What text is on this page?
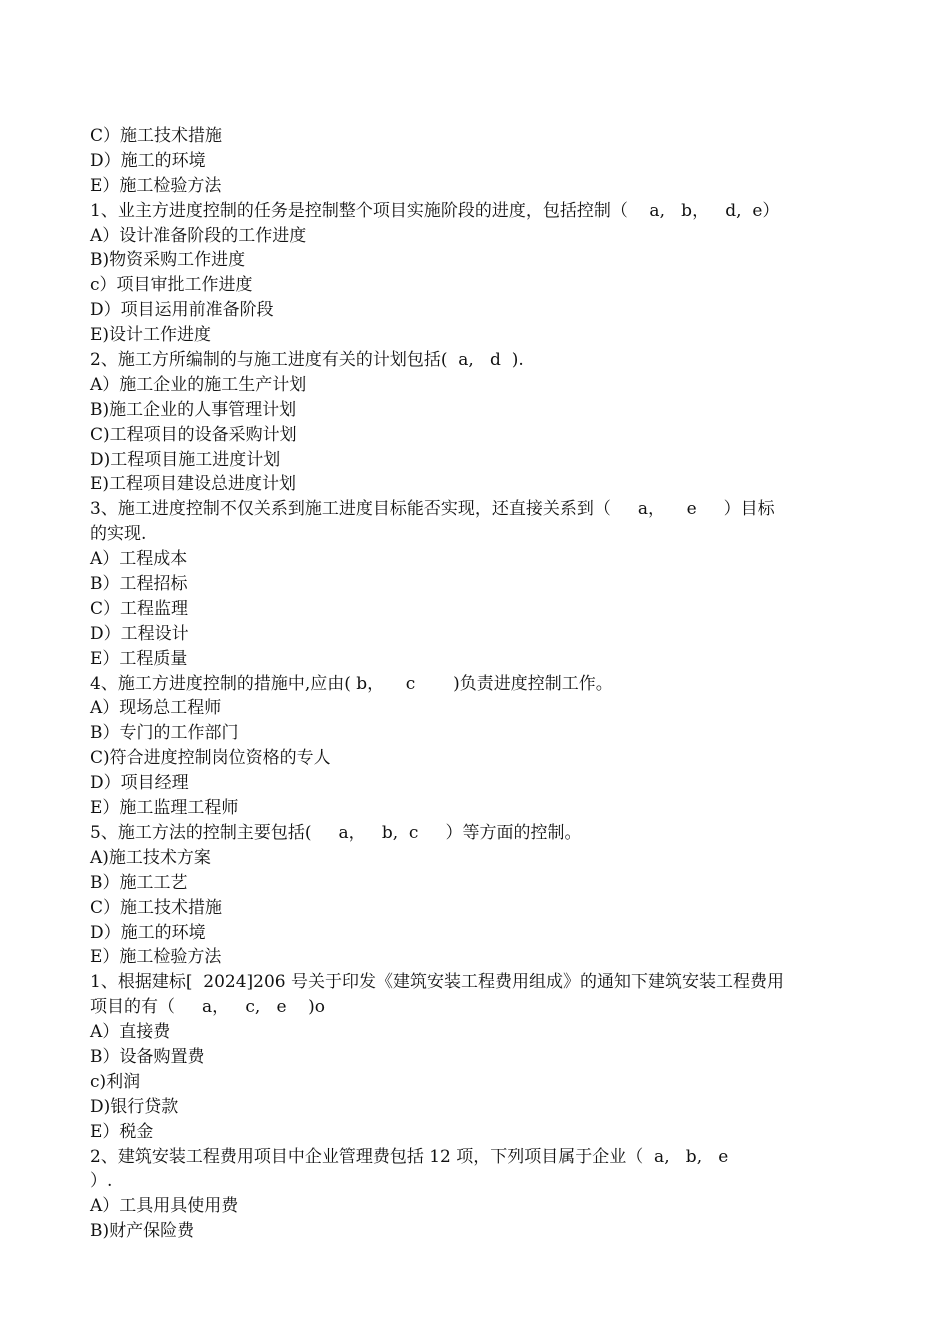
C）施工技术措施
D）施工的环境
E）施工检验方法
1、业主方进度控制的任务是控制整个项目实施阶段的进度，包括控制（    a,   b，   d,  e）
A）设计准备阶段的工作进度
B)物资采购工作进度
c）项目审批工作进度
D）项目运用前准备阶段
E)设计工作进度
2、施工方所编制的与施工进度有关的计划包括(  a,   d  ).
A）施工企业的施工生产计划
B)施工企业的人事管理计划
C)工程项目的设备采购计划
D)工程项目施工进度计划
E)工程项目建设总进度计划
3、施工进度控制不仅关系到施工进度目标能否实现，还直接关系到（     a，    e     ）目标
的实现.
A）工程成本
B）工程招标
C）工程监理
D）工程设计
E）工程质量
4、施工方进度控制的措施中,应由( b，    c       )负责进度控制工作。
A）现场总工程师
B）专门的工作部门
C)符合进度控制岗位资格的专人
D）项目经理
E）施工监理工程师
5、施工方法的控制主要包括(     a，   b,  c     ）等方面的控制。
A)施工技术方案
B）施工工艺
C）施工技术措施
D）施工的环境
E）施工检验方法
1、根据建标[  2024]206 号关于印发《建筑安装工程费用组成》的通知下建筑安装工程费用
项目的有（     a，   c,   e    )o
A）直接费
B）设备购置费
c)利润
D)银行贷款
E）税金
2、建筑安装工程费用项目中企业管理费包括 12 项，下列项目属于企业（  a,   b,   e
）.
A）工具用具使用费
B)财产保险费
